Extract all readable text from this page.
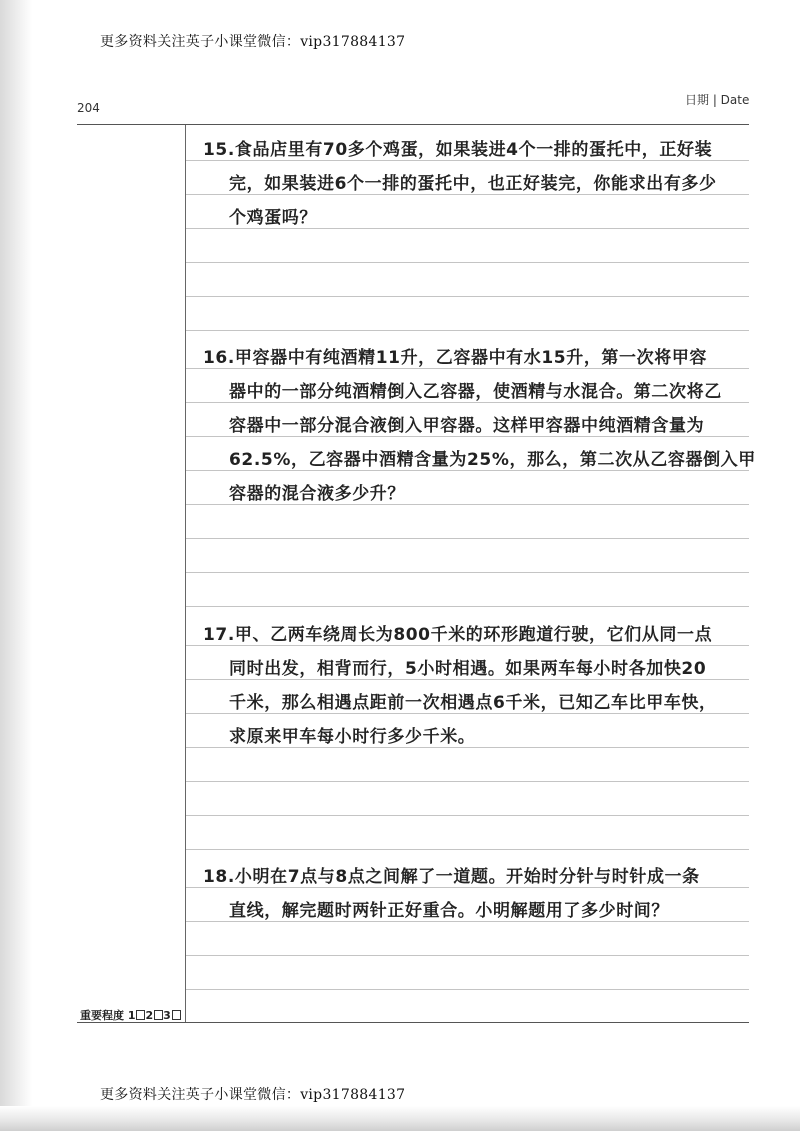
更多资料关注英子小课堂微信：vip317884137
204
日期 | Date
15.食品店里有70多个鸡蛋，如果装进4个一排的蛋托中，正好装
完，如果装进6个一排的蛋托中，也正好装完，你能求出有多少
个鸡蛋吗？
16.甲容器中有纯酒精11升，乙容器中有水15升，第一次将甲容
器中的一部分纯酒精倒入乙容器，使酒精与水混合。第二次将乙
容器中一部分混合液倒入甲容器。这样甲容器中纯酒精含量为
62.5%，乙容器中酒精含量为25%，那么，第二次从乙容器倒入甲
容器的混合液多少升？
17.甲、乙两车绕周长为800千米的环形跑道行驶，它们从同一点
同时出发，相背而行，5小时相遇。如果两车每小时各加快20
千米，那么相遇点距前一次相遇点6千米，已知乙车比甲车快，
求原来甲车每小时行多少千米。
18.小明在7点与8点之间解了一道题。开始时分针与时针成一条
直线，解完题时两针正好重合。小明解题用了多少时间？
重要程度 1 2 3
更多资料关注英子小课堂微信：vip317884137
